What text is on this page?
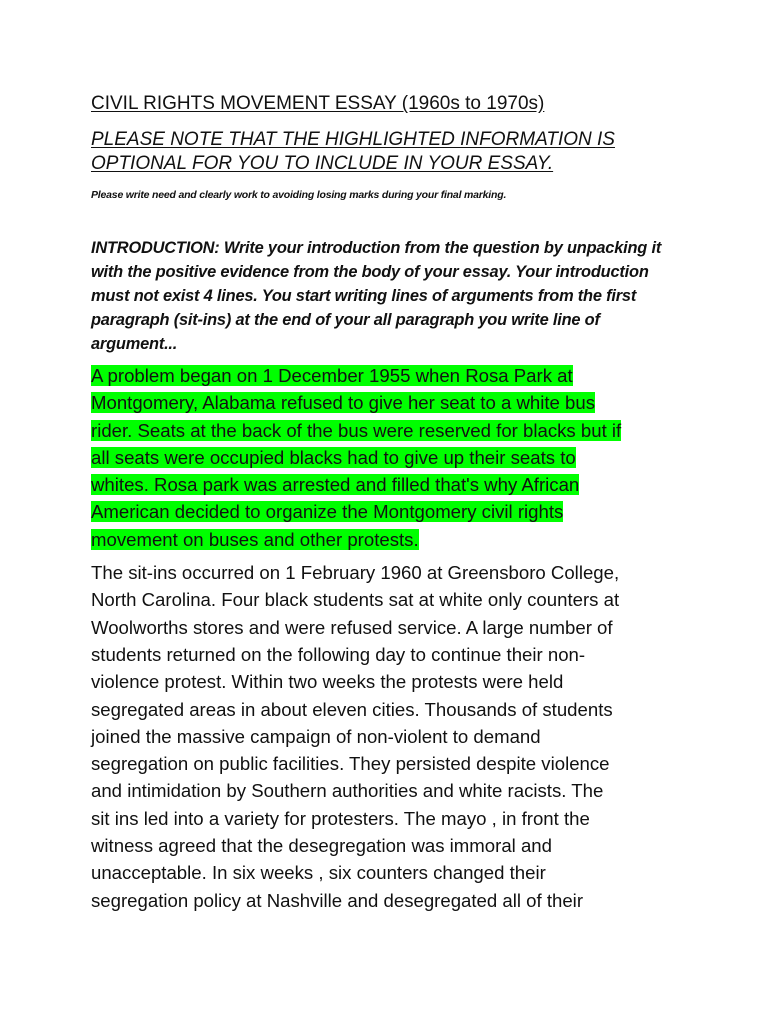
CIVIL RIGHTS MOVEMENT ESSAY (1960s to 1970s)
PLEASE NOTE THAT THE HIGHLIGHTED INFORMATION IS
OPTIONAL FOR YOU TO INCLUDE IN YOUR ESSAY.
Please write need and clearly work to avoiding losing marks during your final marking.
INTRODUCTION: Write your introduction from the question by unpacking it
with the positive evidence from the body of your essay. Your introduction
must not exist 4 lines. You start writing lines of arguments from the first
paragraph (sit-ins) at the end of your all paragraph you write line of
argument...
A problem began on 1 December 1955 when Rosa Park at
Montgomery, Alabama refused to give her seat to a white bus
rider. Seats at the back of the bus were reserved for blacks but if
all seats were occupied blacks had to give up their seats to
whites. Rosa park was arrested and filled that's why African
American decided to organize the Montgomery civil rights
movement on buses and other protests.
The sit-ins occurred on 1 February 1960 at Greensboro College,
North Carolina. Four black students sat at white only counters at
Woolworths stores and were refused service. A large number of
students returned on the following day to continue their non-
violence protest. Within two weeks the protests were held
segregated areas in about eleven cities. Thousands of students
joined the massive campaign of non-violent to demand
segregation on public facilities. They persisted despite violence
and intimidation by Southern authorities and white racists. The
sit ins led into a variety for protesters. The mayo , in front the
witness agreed that the desegregation was immoral and
unacceptable. In six weeks , six counters changed their
segregation policy at Nashville and desegregated all of their
